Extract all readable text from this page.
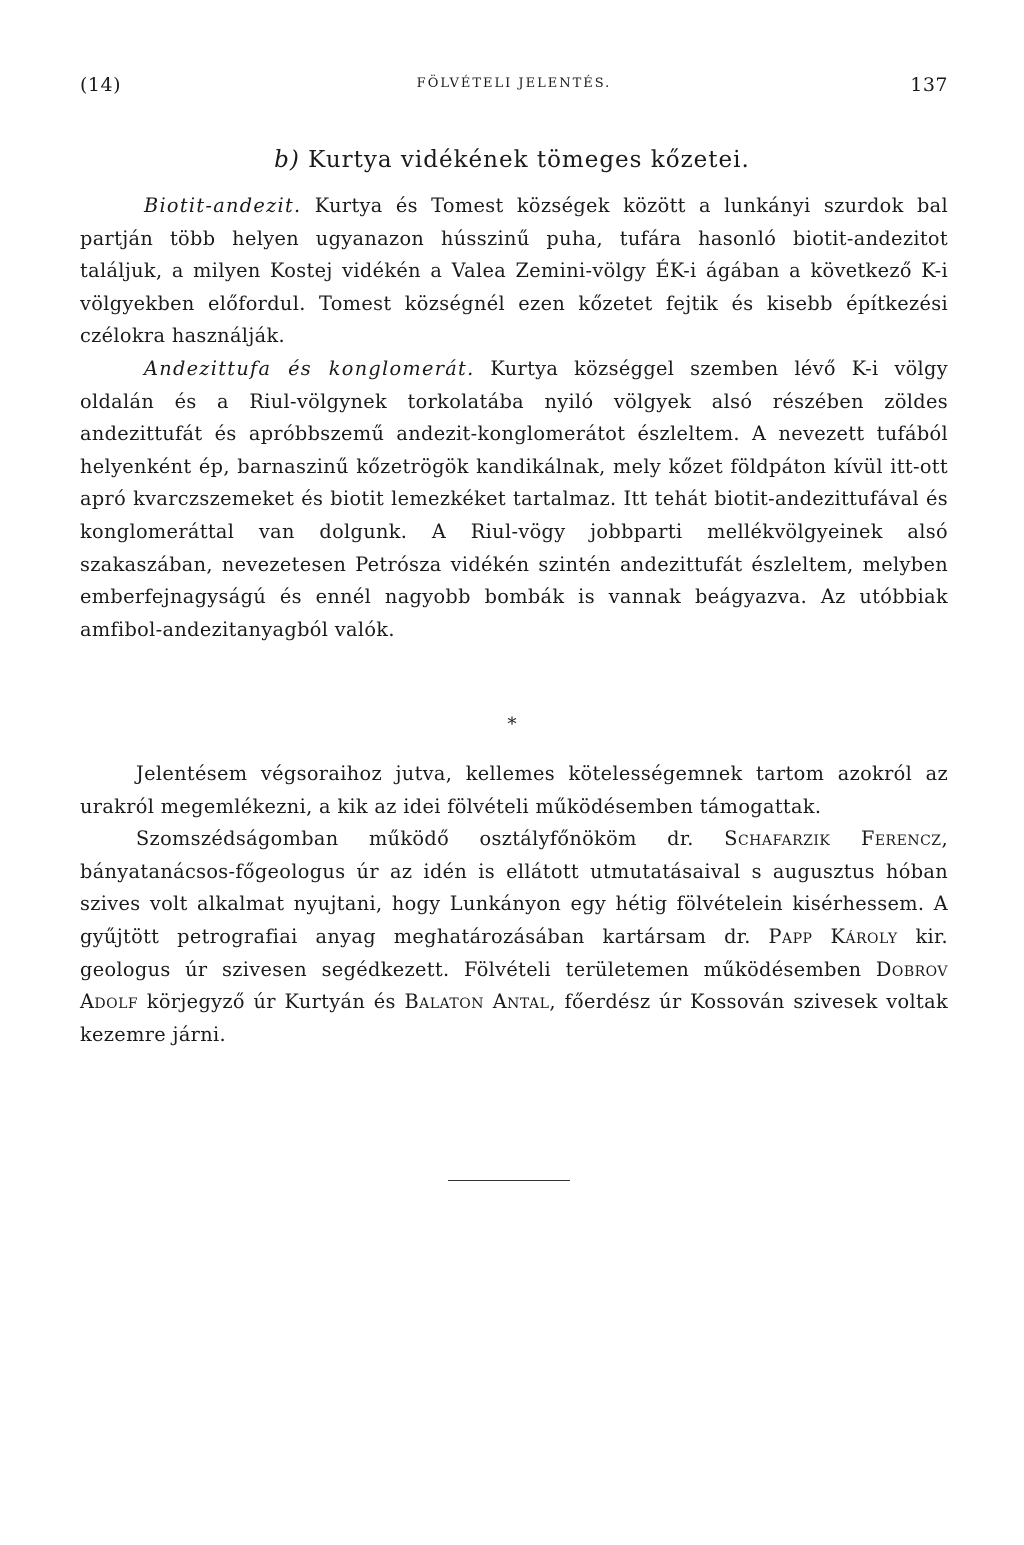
(14)	FÖLVÉTELI JELENTÉS.	137
b) Kurtya vidékének tömeges kőzetei.

Biotit-andezit. Kurtya és Tomest községek között a lunkányi szurdok bal partján több helyen ugyanazon hússzinű puha, tufára hasonló biotit-andezitot találjuk, a milyen Kostej vidékén a Valea Zemini-völgy ÉK-i ágában a következő K-i völgyekben előfordul. Tomest községnél ezen kőzetet fejtik és kisebb építkezési czélokra használják.

Andezittufa és konglomerát. Kurtya községgel szemben lévő K-i völgy oldalán és a Riul-völgynek torkolatába nyiló völgyek alsó részében zöldes andezittufát és apróbbszemű andezit-konglomerátot észleltem. A nevezett tufából helyenként ép, barnaszinű kőzetrögök kandikálnak, mely kőzet földpáton kívül itt-ott apró kvarczszemeket és biotit lemezkéket tartalmaz. Itt tehát biotit-andezittufával és konglomeráttal van dolgunk. A Riul-vögy jobbparti mellékvölgyeinek alsó szakaszában, nevezetesen Petrósza vidékén szintén andezittufát észleltem, melyben emberfejnagyságú és ennél nagyobb bombák is vannak beágyazva. Az utóbbiak amfibol-andezitanyagból valók.

*

Jelentésem végsoraihoz jutva, kellemes kötelességemnek tartom azokról az urakról megemlékezni, a kik az idei fölvételi működésemben támogattak.

Szomszédságomban működő osztályfőnököm dr. Schafarzik Ferencz, bányatanácsos-főgeologus úr az idén is ellátott utmutatásaival s augusztus hóban szives volt alkalmat nyujtani, hogy Lunkányon egy hétig fölvételein kisérhessem. A gyűjtött petrografiai anyag meghatározásában kartársam dr. Papp Károly kir. geologus úr szivesen segédkezett. Fölvételi területemen működésemben Dobrov Adolf körjegyző úr Kurtyán és Balaton Antal, főerdész úr Kossován szivesek voltak kezemre járni.
